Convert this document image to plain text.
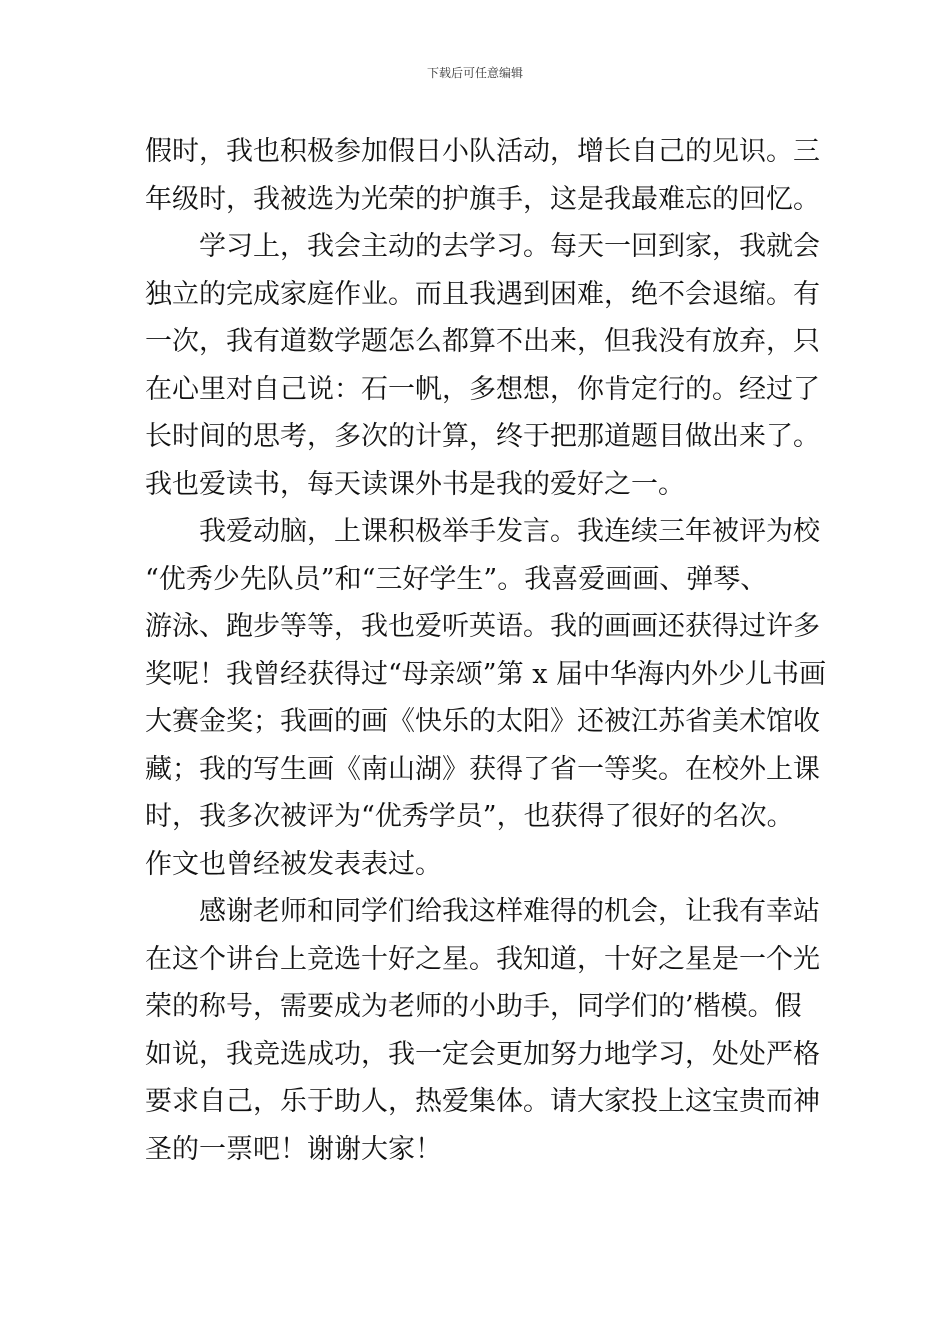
下载后可任意编辑
假时，我也积极参加假日小队活动，增长自己的见识。三
年级时，我被选为光荣的护旗手，这是我最难忘的回忆。
　　学习上，我会主动的去学习。每天一回到家，我就会
独立的完成家庭作业。而且我遇到困难，绝不会退缩。有
一次，我有道数学题怎么都算不出来，但我没有放弃，只
在心里对自己说：石一帆，多想想，你肯定行的。经过了
长时间的思考，多次的计算，终于把那道题目做出来了。
我也爱读书，每天读课外书是我的爱好之一。
　　我爱动脑，上课积极举手发言。我连续三年被评为校
“优秀少先队员”和“三好学生”。我喜爱画画、弹琴、
游泳、跑步等等，我也爱听英语。我的画画还获得过许多
奖呢！我曾经获得过“母亲颂”第 x 届中华海内外少儿书画
大赛金奖；我画的画《快乐的太阳》还被江苏省美术馆收
藏；我的写生画《南山湖》获得了省一等奖。在校外上课
时，我多次被评为“优秀学员”，也获得了很好的名次。
作文也曾经被发表表过。
　　感谢老师和同学们给我这样难得的机会，让我有幸站
在这个讲台上竞选十好之星。我知道，十好之星是一个光
荣的称号，需要成为老师的小助手，同学们的’楷模。假
如说，我竞选成功，我一定会更加努力地学习，处处严格
要求自己，乐于助人，热爱集体。请大家投上这宝贵而神
圣的一票吧！谢谢大家！
